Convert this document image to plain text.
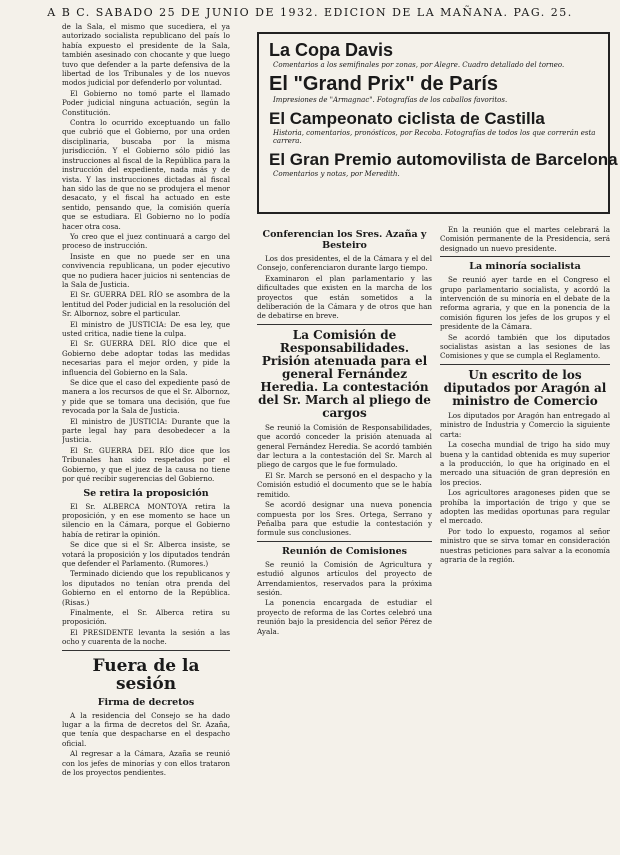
A B C. SABADO 25 DE JUNIO DE 1932. EDICION DE LA MAÑANA. PAG. 25.

de la Sala, el mismo que sucediera, el ya autorizado socialista republicano del país lo había expuesto el presidente de la Sala, también asesinado con chocante y que luego tuvo que defender a la parte defensiva de la libertad de los Tribunales y de los nuevos modos judicial por defenderlo por voluntad.

El Gobierno no tomó parte el llamado Poder judicial ninguna actuación, según la Constitución.

Contra lo ocurrido exceptuando un fallo que cubrió que el Gobierno, por una orden disciplinaria, buscaba por la misma jurisdicción. Y el Gobierno sólo pidió las instrucciones al fiscal de la República para la instrucción del expediente, nada más y de vista. Y las instrucciones dictadas al fiscal han sido las de que no se produjera el menor desacato, y el fiscal ha actuado en este sentido, pensando que, la comisión quería que se estudiara. El Gobierno no lo podía hacer otra cosa.

Yo creo que el juez continuará a cargo del proceso de instrucción.

Insiste en que no puede ser en una convivencia republicana, un poder ejecutivo que no pudiera hacer juicios ni sentencias de la Sala de Justicia.

El Sr. GUERRA DEL RÍO se asombra de la lentitud del Poder judicial en la resolución del Sr. Albornoz, sobre el particular.

El ministro de JUSTICIA: De esa ley, que usted critica, nadie tiene la culpa.

El Sr. GUERRA DEL RÍO dice que el Gobierno debe adoptar todas las medidas necesarias para el mejor orden, y pide la influencia del Gobierno en la Sala.

Se dice que el caso del expediente pasó de manera a los recursos de que el Sr. Albornoz, y pide que se tomara una decisión, que fue revocada por la Sala de Justicia.

El ministro de JUSTICIA: Durante que la parte legal hay para desobedecer a la Justicia.

El Sr. GUERRA DEL RÍO dice que los Tribunales han sido respetados por el Gobierno, y que el juez de la causa no tiene por qué recibir sugerencias del Gobierno.

Se retira la proposición

El Sr. ALBERCA MONTOYA retira la proposición, y en ese momento se hace un silencio en la Cámara, porque el Gobierno había de retirar la opinión.

Se dice que si el Sr. Alberca insiste, se votará la proposición y los diputados tendrán que defender el Parlamento. (Rumores.)

Terminado diciendo que los republicanos y los diputados no tenían otra prenda del Gobierno en el entorno de la República. (Risas.)

Finalmente, el Sr. Alberca retira su proposición.

El PRESIDENTE levanta la sesión a las ocho y cuarenta de la noche.

Fuera de la sesión
Firma de decretos

A la residencia del Consejo se ha dado lugar a la firma de decretos del Sr. Azaña, que tenía que despacharse en el despacho oficial.

Al regresar a la Cámara, Azaña se reunió con los jefes de minorías y con ellos trataron de los proyectos pendientes.

La Copa Davis

Comentarios a los semifinales por zonas, por Alegre. Cuadro detallado del torneo.

El "Grand Prix" de París

Impresiones de "Armagnac". Fotografías de los caballos favoritos.

El Campeonato ciclista de Castilla

Historia, comentarios, pronósticos, por Recoba. Fotografías de todos los que correrán esta carrera.

El Gran Premio automovilista de Barcelona

Comentarios y notas, por Meredith.

Conferencian los Sres. Azaña y Besteiro

Los dos presidentes, el de la Cámara y el del Consejo, conferenciaron durante largo tiempo.

Examinaron el plan parlamentario y las dificultades que existen en la marcha de los proyectos que están sometidos a la deliberación de la Cámara y de otros que han de debatirse en breve.

La Comisión de Responsabilidades. Prisión atenuada para el general Fernández Heredia. La contestación del Sr. March al pliego de cargos

Se reunió la Comisión de Responsabilidades, que acordó conceder la prisión atenuada al general Fernández Heredia. Se acordó también dar lectura a la contestación del Sr. March al pliego de cargos que le fue formulado.

El Sr. March se personó en el despacho y la Comisión estudió el documento que se le había remitido.

Se acordó designar una nueva ponencia compuesta por los Sres. Ortega, Serrano y Peñalba para que estudie la contestación y formule sus conclusiones.

Reunión de Comisiones

Se reunió la Comisión de Agricultura y estudió algunos artículos del proyecto de Arrendamientos, reservados para la próxima sesión.

La ponencia encargada de estudiar el proyecto de reforma de las Cortes celebró una reunión bajo la presidencia del señor Pérez de Ayala.

En la reunión que el martes celebrará la Comisión permanente de la Presidencia, será designado un nuevo presidente.

La minoría socialista

Se reunió ayer tarde en el Congreso el grupo parlamentario socialista, y acordó la intervención de su minoría en el debate de la reforma agraria, y que en la ponencia de la comisión figuren los jefes de los grupos y el presidente de la Cámara.

Se acordó también que los diputados socialistas asistan a las sesiones de las Comisiones y que se cumpla el Reglamento.

Un escrito de los diputados por Aragón al ministro de Comercio

Los diputados por Aragón han entregado al ministro de Industria y Comercio la siguiente carta:

La cosecha mundial de trigo ha sido muy buena y la cantidad obtenida es muy superior a la producción, lo que ha originado en el mercado una situación de gran depresión en los precios.

Los agricultores aragoneses piden que se prohíba la importación de trigo y que se adopten las medidas oportunas para regular el mercado.

Por todo lo expuesto, rogamos al señor ministro que se sirva tomar en consideración nuestras peticiones para salvar a la economía agraria de la región.
